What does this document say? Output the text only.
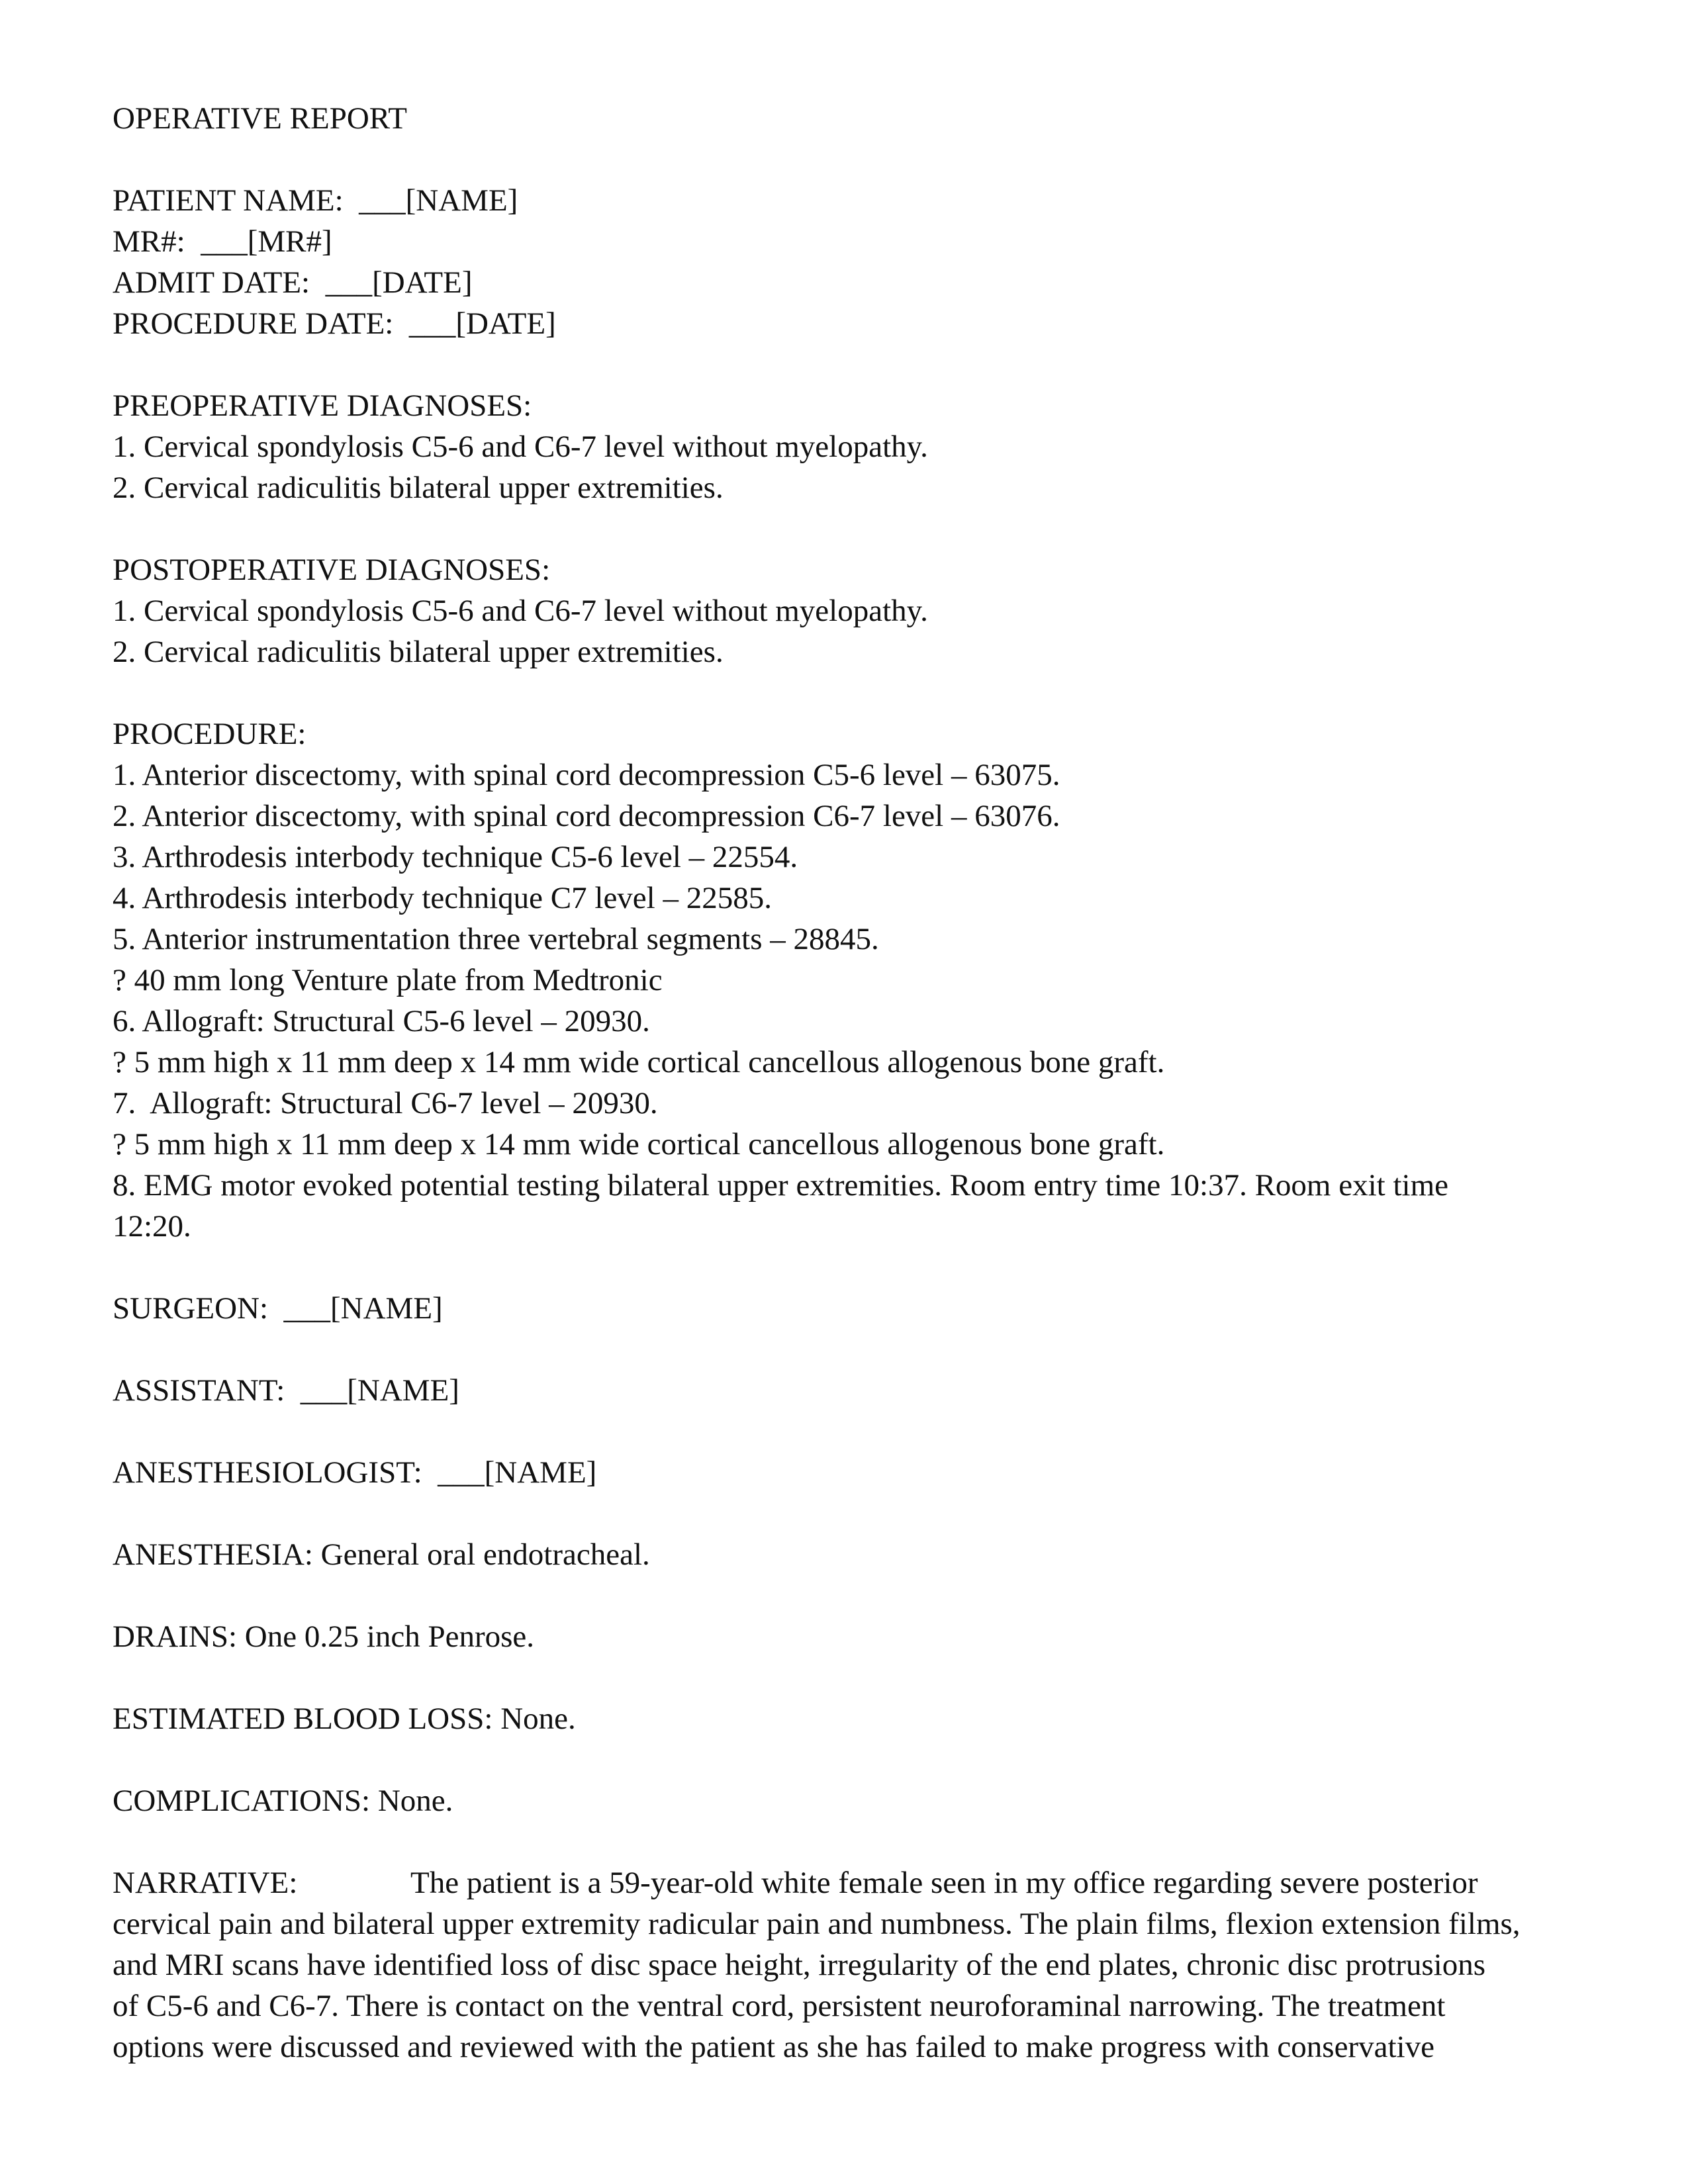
OPERATIVE REPORT
PATIENT NAME:  ___[NAME]
MR#:  ___[MR#]
ADMIT DATE:  ___[DATE]
PROCEDURE DATE:  ___[DATE]
PREOPERATIVE DIAGNOSES:
1. Cervical spondylosis C5-6 and C6-7 level without myelopathy.
2. Cervical radiculitis bilateral upper extremities.
POSTOPERATIVE DIAGNOSES:
1. Cervical spondylosis C5-6 and C6-7 level without myelopathy.
2. Cervical radiculitis bilateral upper extremities.
PROCEDURE:
1. Anterior discectomy, with spinal cord decompression C5-6 level – 63075.
2. Anterior discectomy, with spinal cord decompression C6-7 level – 63076.
3. Arthrodesis interbody technique C5-6 level – 22554.
4. Arthrodesis interbody technique C7 level – 22585.
5. Anterior instrumentation three vertebral segments – 28845.
? 40 mm long Venture plate from Medtronic
6. Allograft: Structural C5-6 level – 20930.
? 5 mm high x 11 mm deep x 14 mm wide cortical cancellous allogenous bone graft.
7.  Allograft: Structural C6-7 level – 20930.
? 5 mm high x 11 mm deep x 14 mm wide cortical cancellous allogenous bone graft.
8. EMG motor evoked potential testing bilateral upper extremities. Room entry time 10:37. Room exit time
12:20.
SURGEON:  ___[NAME]
ASSISTANT:  ___[NAME]
ANESTHESIOLOGIST:  ___[NAME]
ANESTHESIA: General oral endotracheal.
DRAINS: One 0.25 inch Penrose.
ESTIMATED BLOOD LOSS: None.
COMPLICATIONS: None.
NARRATIVE:	The patient is a 59-year-old white female seen in my office regarding severe posterior
cervical pain and bilateral upper extremity radicular pain and numbness. The plain films, flexion extension films,
and MRI scans have identified loss of disc space height, irregularity of the end plates, chronic disc protrusions
of C5-6 and C6-7. There is contact on the ventral cord, persistent neuroforaminal narrowing. The treatment
options were discussed and reviewed with the patient as she has failed to make progress with conservative
